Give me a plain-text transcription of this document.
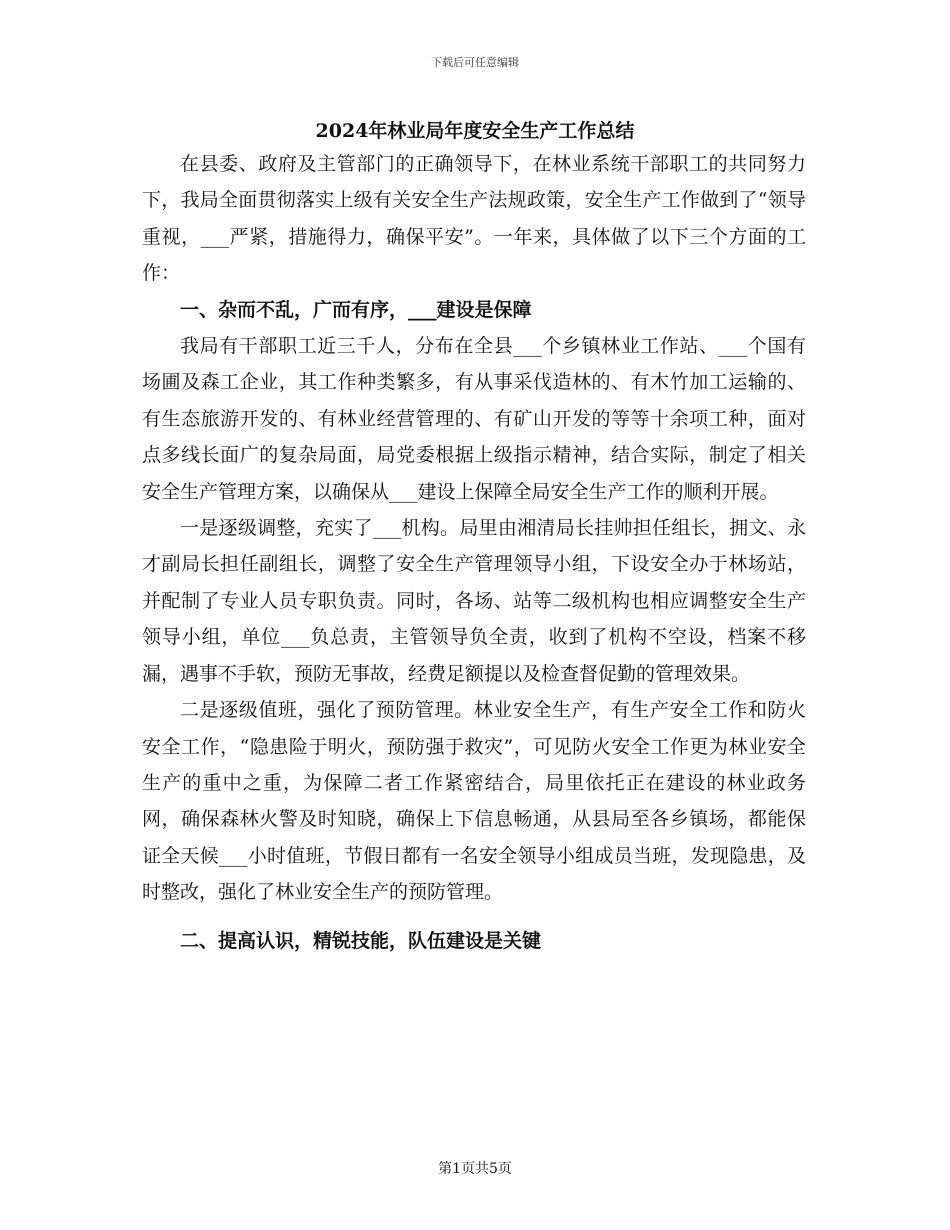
下载后可任意编辑
2024年林业局年度安全生产工作总结

在县委、政府及主管部门的正确领导下，在林业系统干部职工的共同努力下，我局全面贯彻落实上级有关安全生产法规政策，安全生产工作做到了“领导重视，___严紧，措施得力，确保平安”。一年来，具体做了以下三个方面的工作：

一、杂而不乱，广而有序，___建设是保障

我局有干部职工近三千人，分布在全县___个乡镇林业工作站、___个国有场圃及森工企业，其工作种类繁多，有从事采伐造林的、有木竹加工运输的、有生态旅游开发的、有林业经营管理的、有矿山开发的等等十余项工种，面对点多线长面广的复杂局面，局党委根据上级指示精神，结合实际，制定了相关安全生产管理方案，以确保从___建设上保障全局安全生产工作的顺利开展。

一是逐级调整，充实了___机构。局里由湘清局长挂帅担任组长，拥文、永才副局长担任副组长，调整了安全生产管理领导小组，下设安全办于林场站，并配制了专业人员专职负责。同时，各场、站等二级机构也相应调整安全生产领导小组，单位___负总责，主管领导负全责，收到了机构不空设，档案不移漏，遇事不手软，预防无事故，经费足额提以及检查督促勤的管理效果。

二是逐级值班，强化了预防管理。林业安全生产，有生产安全工作和防火安全工作，“隐患险于明火，预防强于救灾”，可见防火安全工作更为林业安全生产的重中之重，为保障二者工作紧密结合，局里依托正在建设的林业政务网，确保森林火警及时知晓，确保上下信息畅通，从县局至各乡镇场，都能保证全天候___小时值班，节假日都有一名安全领导小组成员当班，发现隐患，及时整改，强化了林业安全生产的预防管理。

二、提高认识，精锐技能，队伍建设是关键

第1页共5页
